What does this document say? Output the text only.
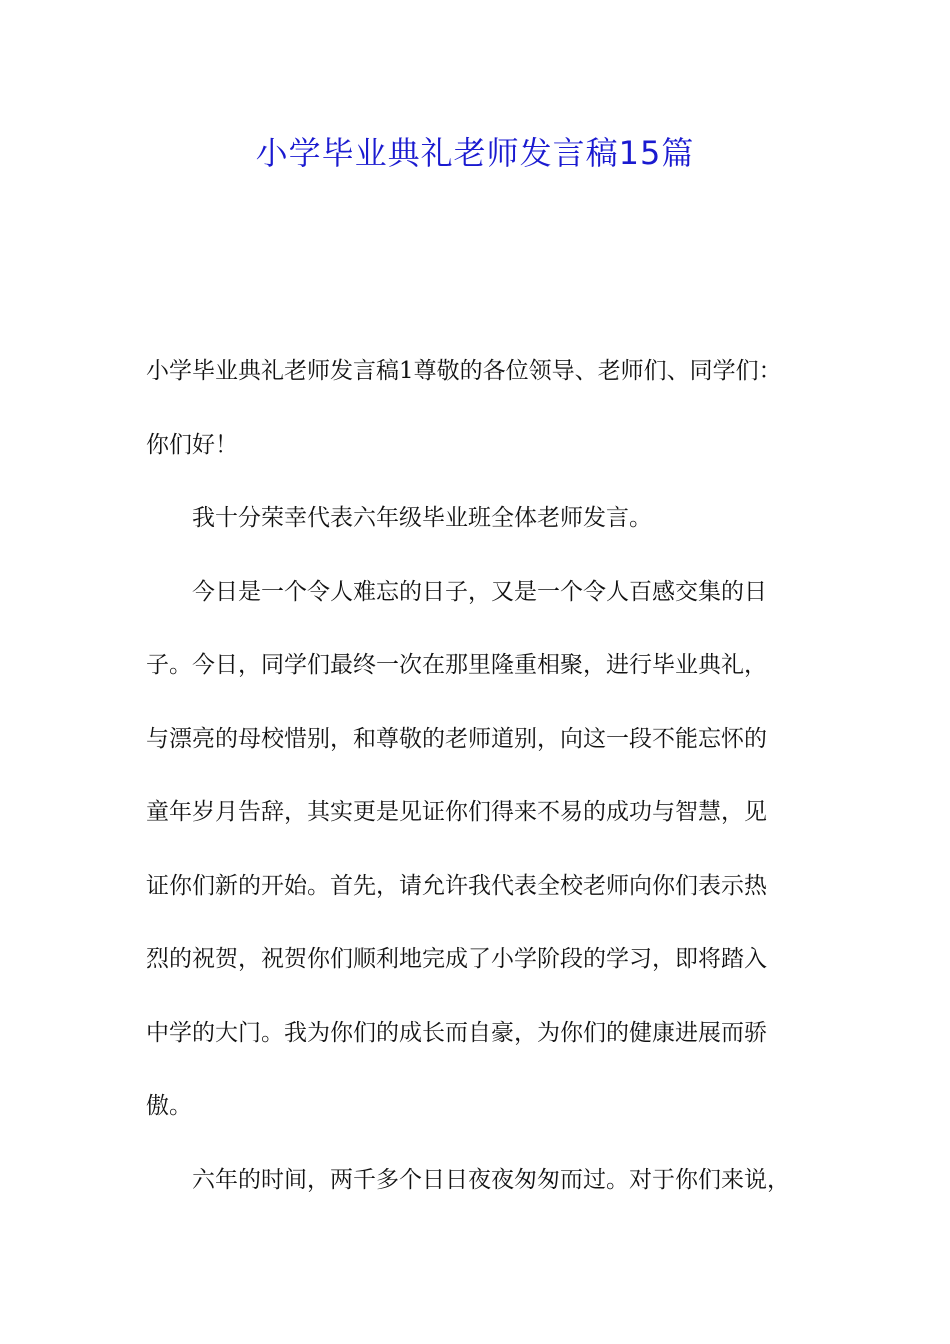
小学毕业典礼老师发言稿15篇
小学毕业典礼老师发言稿1尊敬的各位领导、老师们、同学们：
你们好！
我十分荣幸代表六年级毕业班全体老师发言。
今日是一个令人难忘的日子，又是一个令人百感交集的日
子。今日，同学们最终一次在那里隆重相聚，进行毕业典礼，
与漂亮的母校惜别，和尊敬的老师道别，向这一段不能忘怀的
童年岁月告辞，其实更是见证你们得来不易的成功与智慧，见
证你们新的开始。首先，请允许我代表全校老师向你们表示热
烈的祝贺，祝贺你们顺利地完成了小学阶段的学习，即将踏入
中学的大门。我为你们的成长而自豪，为你们的健康进展而骄
傲。
六年的时间，两千多个日日夜夜匆匆而过。对于你们来说，
